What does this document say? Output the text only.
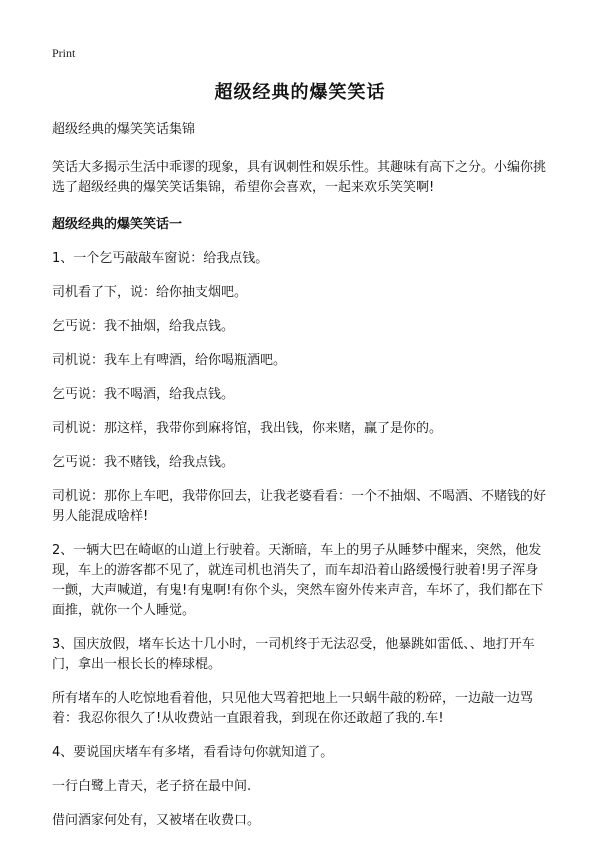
Print
超级经典的爆笑笑话

超级经典的爆笑笑话集锦

笑话大多揭示生活中乖谬的现象，具有讽刺性和娱乐性。其趣味有高下之分。小编你挑选了超级经典的爆笑笑话集锦，希望你会喜欢，一起来欢乐笑笑啊!

超级经典的爆笑笑话一

1、一个乞丐敲敲车窗说：给我点钱。

司机看了下，说：给你抽支烟吧。

乞丐说：我不抽烟，给我点钱。

司机说：我车上有啤酒，给你喝瓶酒吧。

乞丐说：我不喝酒，给我点钱。

司机说：那这样，我带你到麻将馆，我出钱，你来赌，赢了是你的。

乞丐说：我不赌钱，给我点钱。

司机说：那你上车吧，我带你回去，让我老婆看看：一个不抽烟、不喝酒、不赌钱的好男人能混成啥样!

2、一辆大巴在崎岖的山道上行驶着。天渐暗，车上的男子从睡梦中醒来，突然，他发现，车上的游客都不见了，就连司机也消失了，而车却沿着山路缓慢行驶着!男子浑身一颤，大声喊道，有鬼!有鬼啊!有你个头，突然车窗外传来声音，车坏了，我们都在下面推，就你一个人睡觉。

3、国庆放假，堵车长达十几小时，一司机终于无法忍受，他暴跳如雷低、、地打开车门，拿出一根长长的棒球棍。

所有堵车的人吃惊地看着他，只见他大骂着把地上一只蜗牛敲的粉碎，一边敲一边骂着：我忍你很久了!从收费站一直跟着我，到现在你还敢超了我的.车!

4、要说国庆堵车有多堵，看看诗句你就知道了。

一行白鹭上青天，老子挤在最中间.

借问酒家何处有，又被堵在收费口。
